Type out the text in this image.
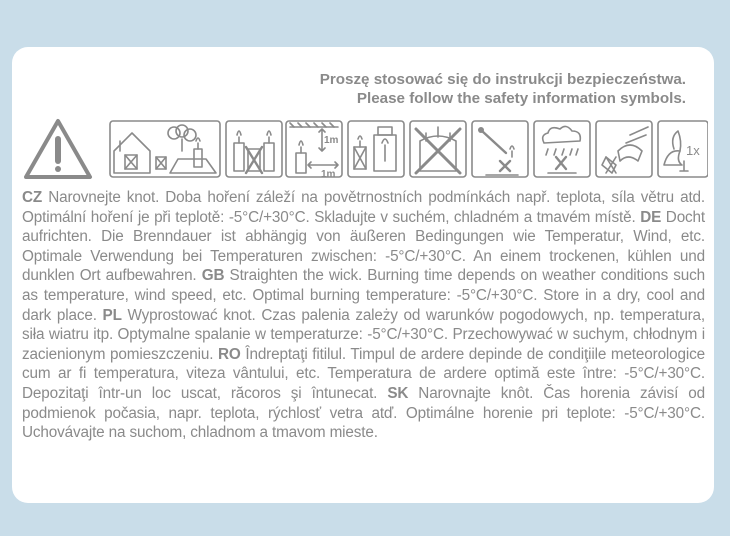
Proszę stosować się do instrukcji bezpieczeństwa.
Please follow the safety information symbols.
1m
1m
1x
CZ Narovnejte knot. Doba hoření záleží na povětrnostních podmínkách např. teplota, síla větru atd. Optimální hoření je při teplotě: -5°C/+30°C. Skladujte v suchém, chladném a tmavém místě. DE Docht aufrichten. Die Brenndauer ist abhängig von äußeren Bedingungen wie Temperatur, Wind, etc. Optimale Verwendung bei Temperaturen zwischen: -5°C/+30°C. An einem trockenen, kühlen und dunklen Ort aufbewahren. GB Straighten the wick. Burning time depends on weather conditions such as temperature, wind speed, etc. Optimal burning temperature: -5°C/+30°C. Store in a dry, cool and dark place. PL Wyprostować knot. Czas palenia zależy od warunków pogodowych, np. temperatura, siła wiatru itp. Optymalne spalanie w temperaturze: -5°C/+30°C. Przechowywać w suchym, chłodnym i zacienionym pomieszczeniu. RO Îndreptaţi fitilul. Timpul de ardere depinde de condiţiile meteorologice cum ar fi temperatura, viteza vântului, etc. Temperatura de ardere optimă este între: -5°C/+30°C. Depozitaţi într-un loc uscat, răcoros şi întunecat. SK Narovnajte knôt. Čas horenia závisí od podmienok počasia, napr. teplota, rýchlosť vetra atď. Optimálne horenie pri teplote: -5°C/+30°C. Uchovávajte na suchom, chladnom a tmavom mieste.
